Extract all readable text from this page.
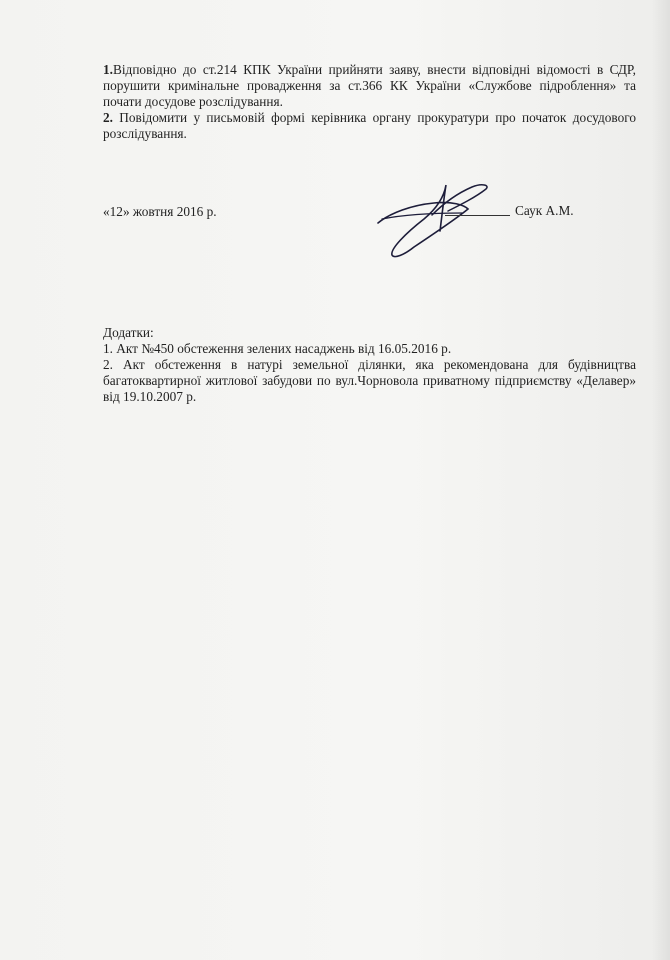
1.Відповідно до ст.214 КПК України прийняти заяву, внести відповідні відомості в СДР, порушити кримінальне провадження за ст.366 КК України «Службове підроблення» та почати досудове розслідування.

2. Повідомити у письмовій формі керівника органу прокуратури про початок досудового розслідування.

«12» жовтня 2016 р.	Саук А.М.

Додатки:

1. Акт №450 обстеження зелених насаджень від 16.05.2016 р.

2. Акт обстеження в натурі земельної ділянки, яка рекомендована для будівництва багатоквартирної житлової забудови по вул.Чорновола приватному підприємству «Делавер» від 19.10.2007 р.
